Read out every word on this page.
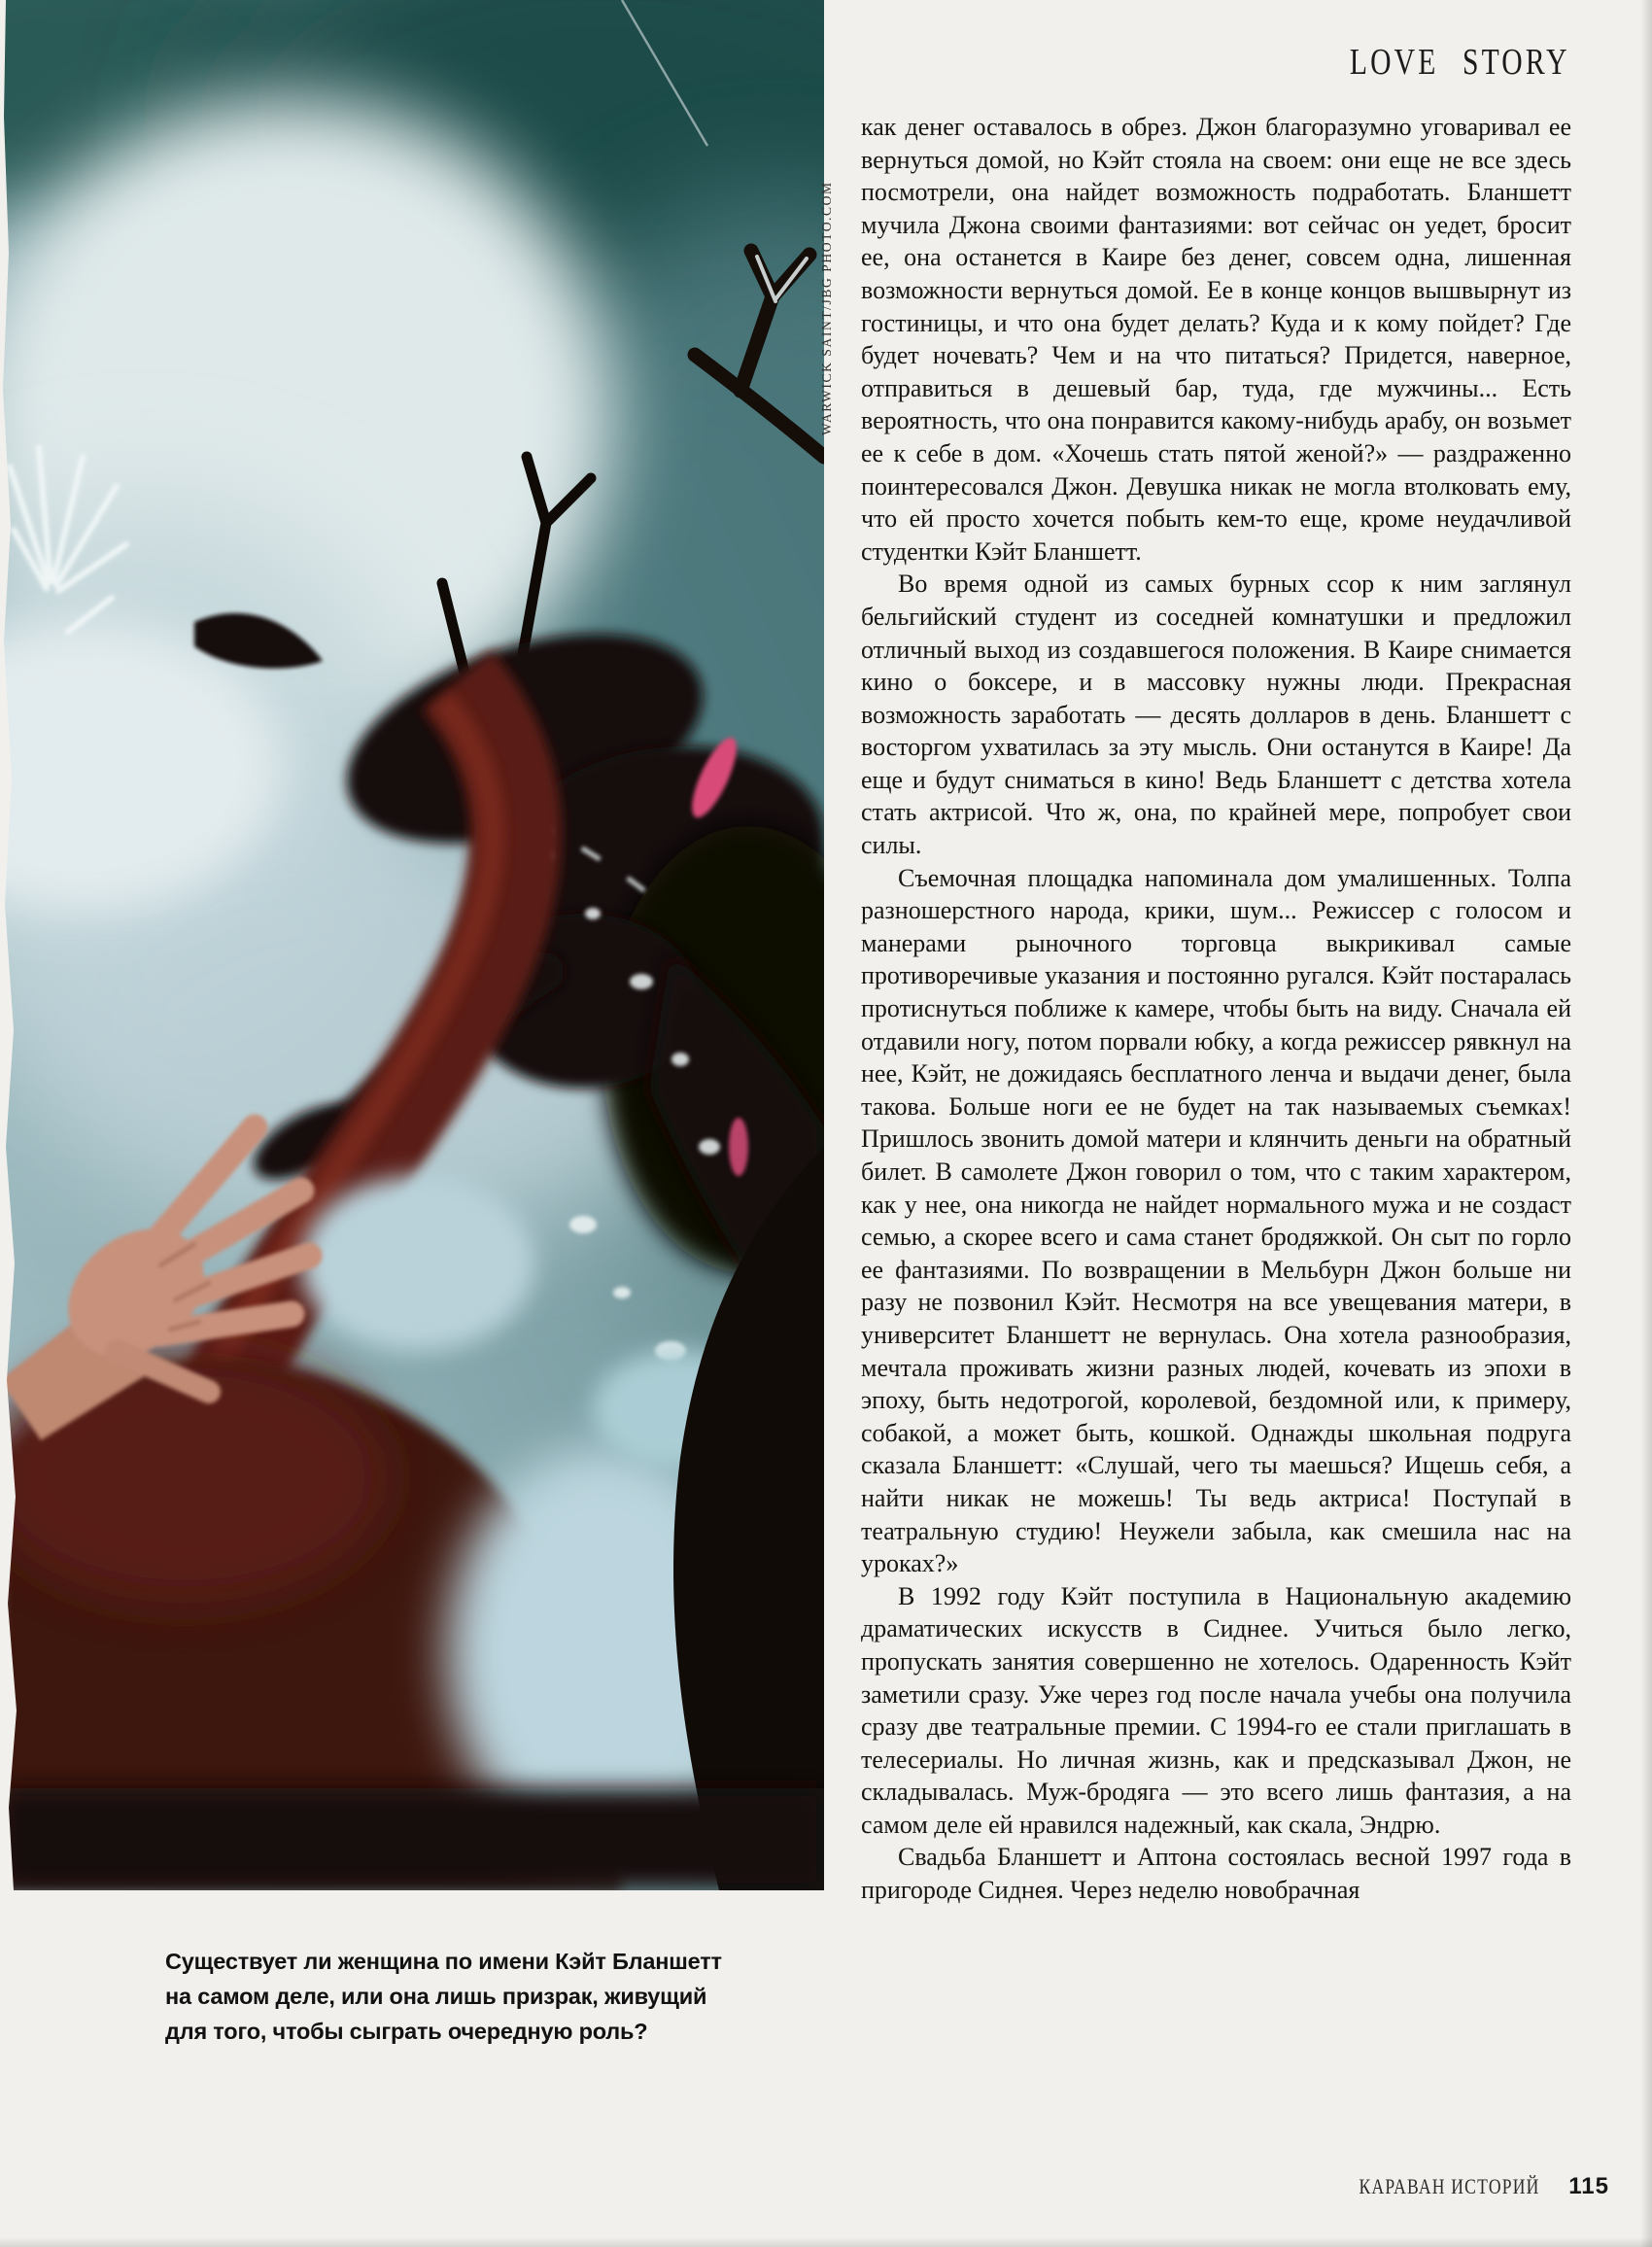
WARWICK SAINT/JBG PHOTO.COM
LOVE STORY

как денег оставалось в обрез. Джон благоразумно уговаривал ее вернуться домой, но Кэйт стояла на своем: они еще не все здесь посмотрели, она найдет возможность подработать. Бланшетт мучила Джона своими фантазиями: вот сейчас он уедет, бросит ее, она останется в Каире без денег, совсем одна, лишенная возможности вернуться домой. Ее в конце концов вышвырнут из гостиницы, и что она будет делать? Куда и к кому пойдет? Где будет ночевать? Чем и на что питаться? Придется, наверное, отправиться в дешевый бар, туда, где мужчины... Есть вероятность, что она понравится какому-нибудь арабу, он возьмет ее к себе в дом. «Хочешь стать пятой женой?» — раздраженно поинтересовался Джон. Девушка никак не могла втолковать ему, что ей просто хочется побыть кем-то еще, кроме неудачливой студентки Кэйт Бланшетт.

Во время одной из самых бурных ссор к ним заглянул бельгийский студент из соседней комнатушки и предложил отличный выход из создавшегося положения. В Каире снимается кино о боксере, и в массовку нужны люди. Прекрасная возможность заработать — десять долларов в день. Бланшетт с восторгом ухватилась за эту мысль. Они останутся в Каире! Да еще и будут сниматься в кино! Ведь Бланшетт с детства хотела стать актрисой. Что ж, она, по крайней мере, попробует свои силы.

Съемочная площадка напоминала дом умалишенных. Толпа разношерстного народа, крики, шум... Режиссер с голосом и манерами рыночного торговца выкрикивал самые противоречивые указания и постоянно ругался. Кэйт постаралась протиснуться поближе к камере, чтобы быть на виду. Сначала ей отдавили ногу, потом порвали юбку, а когда режиссер рявкнул на нее, Кэйт, не дожидаясь бесплатного ленча и выдачи денег, была такова. Больше ноги ее не будет на так называемых съемках! Пришлось звонить домой матери и клянчить деньги на обратный билет. В самолете Джон говорил о том, что с таким характером, как у нее, она никогда не найдет нормального мужа и не создаст семью, а скорее всего и сама станет бродяжкой. Он сыт по горло ее фантазиями. По возвращении в Мельбурн Джон больше ни разу не позвонил Кэйт. Несмотря на все увещевания матери, в университет Бланшетт не вернулась. Она хотела разнообразия, мечтала проживать жизни разных людей, кочевать из эпохи в эпоху, быть недотрогой, королевой, бездомной или, к примеру, собакой, а может быть, кошкой. Однажды школьная подруга сказала Бланшетт: «Слушай, чего ты маешься? Ищешь себя, а найти никак не можешь! Ты ведь актриса! Поступай в театральную студию! Неужели забыла, как смешила нас на уроках?»

В 1992 году Кэйт поступила в Национальную академию драматических искусств в Сиднее. Учиться было легко, пропускать занятия совершенно не хотелось. Одаренность Кэйт заметили сразу. Уже через год после начала учебы она получила сразу две театральные премии. С 1994-го ее стали приглашать в телесериалы. Но личная жизнь, как и предсказывал Джон, не складывалась. Муж-бродяга — это всего лишь фантазия, а на самом деле ей нравился надежный, как скала, Эндрю.

Свадьба Бланшетт и Аптона состоялась весной 1997 года в пригороде Сиднея. Через неделю новобрачная

Существует ли женщина по имени Кэйт Бланшетт
на самом деле, или она лишь призрак, живущий
для того, чтобы сыграть очередную роль?
КАРАВАН ИСТОРИЙ 115
